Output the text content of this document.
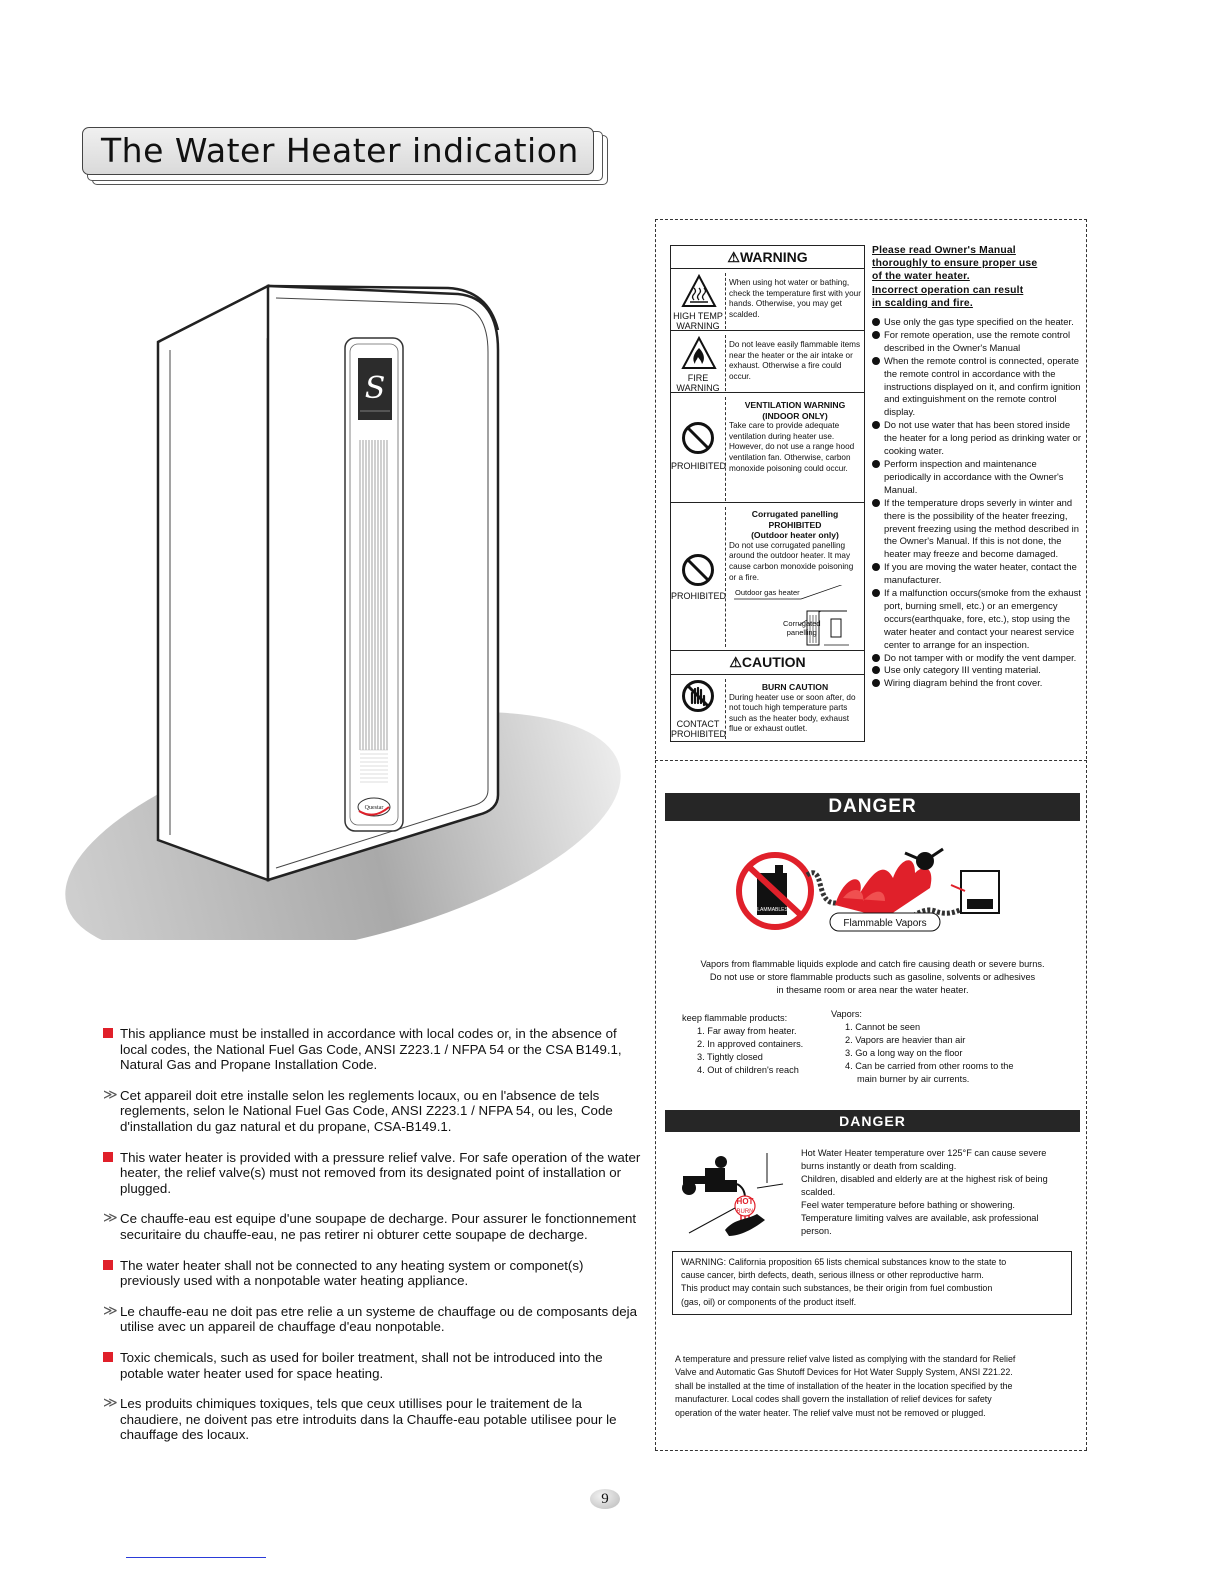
The Water Heater indication
S
Questar

This appliance must be installed in accordance with local codes or, in the absence of local codes, the National Fuel Gas Code, ANSI Z223.1 / NFPA 54 or the CSA B149.1, Natural Gas and Propane Installation Code.

≫ Cet appareil doit etre installe selon les reglements locaux, ou en l'absence de tels reglements, selon le National Fuel Gas Code, ANSI Z223.1 / NFPA 54, ou les, Code d'installation du gaz natural et du propane, CSA-B149.1.

This water heater is provided with a pressure relief valve. For safe operation of the water heater, the relief valve(s) must not removed from its designated point of installation or plugged.

≫ Ce chauffe-eau est equipe d'une soupape de decharge. Pour assurer le fonctionnement securitaire du chauffe-eau, ne pas retirer ni obturer cette soupape de decharge.

The water heater shall not be connected to any heating system or componet(s) previously used with a nonpotable water heating appliance.

≫ Le chauffe-eau ne doit pas etre relie a un systeme de chauffage ou de composants deja utilise avec un appareil de chauffage d'eau nonpotable.

Toxic chemicals, such as used for boiler treatment, shall not be introduced into the potable water heater used for space heating.

≫ Les produits chimiques toxiques, tels que ceux utillises pour le traitement de la chaudiere, ne doivent pas etre introduits dans la Chauffe-eau potable utilisee pour le chauffage des locaux.

⚠WARNING
HIGH TEMP
WARNING
When using hot water or bathing, check the temperature first with your hands. Otherwise, you may get scalded.
FIRE
WARNING
Do not leave easily flammable items near the heater or the air intake or exhaust. Otherwise a fire could occur.
PROHIBITED
VENTILATION WARNING
(INDOOR ONLY)
Take care to provide adequate ventilation during heater use. However, do not use a range hood ventilation fan. Otherwise, carbon monoxide poisoning could occur.
PROHIBITED
Corrugated panelling
PROHIBITED
(Outdoor heater only)
Do not use corrugated panelling around the outdoor heater. It may cause carbon monoxide poisoning or a fire.
Outdoor gas heater
Corrugated
panelling
⚠CAUTION
CONTACT
PROHIBITED
BURN CAUTION
During heater use or soon after, do not touch high temperature parts such as the heater body, exhaust flue or exhaust outlet.
Please read Owner's Manual
thoroughly to ensure proper use
of the water heater.
Incorrect operation can result
in scalding and fire.
Use only the gas type specified on the heater.
For remote operation, use the remote control described in the Owner's Manual
When the remote control is connected, operate the remote control in accordance with the instructions displayed on it, and confirm ignition and extinguishment on the remote control display.
Do not use water that has been stored inside the heater for a long period as drinking water or cooking water.
Perform inspection and maintenance periodically in accordance with the Owner's Manual.
If the temperature drops severly in winter and there is the possibility of the heater freezing, prevent freezing using the method described in the Owner's Manual. If this is not done, the heater may freeze and become damaged.
If you are moving the water heater, contact the manufacturer.
If a malfunction occurs(smoke from the exhaust port, burning smell, etc.) or an emergency occurs(earthquake, fore, etc.), stop using the water heater and contact your nearest service center to arrange for an inspection.
Do not tamper with or modify the vent damper.
Use only category III venting material.
Wiring diagram behind the front cover.
DANGER
FLAMMABLES
Flammable Vapors
Vapors from flammable liquids explode and catch fire causing death or severe burns.
Do not use or store flammable products such as gasoline, solvents or adhesives
in thesame room or area near the water heater.
keep flammable products:
1. Far away from heater.
2. In approved containers.
3. Tightly closed
4. Out of children's reach
Vapors:
1. Cannot be seen
2. Vapors are heavier than air
3. Go a long way on the floor
4. Can be carried from other rooms to the
main burner by air currents.
DANGER
HOT
BURN
Hot Water Heater temperature over 125°F can cause severe
burns instantly or death from scalding.
Children, disabled and elderly are at the highest risk of being
scalded.
Feel water temperature before bathing or showering.
Temperature limiting valves are available, ask professional
person.
WARNING: California proposition 65 lists chemical substances know to the state to
cause cancer, birth defects, death, serious illness or other reproductive harm.
This product may contain such substances, be their origin from fuel combustion
(gas, oil) or components of the product itself.
A temperature and pressure relief valve listed as complying with the standard for Relief
Valve and Automatic Gas Shutoff Devices for Hot Water Supply System, ANSI Z21.22.
shall be installed at the time of installation of the heater in the location specified by the
manufacturer. Local codes shall govern the installation of relief devices for safety
operation of the water heater. The relief valve must not be removed or plugged.
9
